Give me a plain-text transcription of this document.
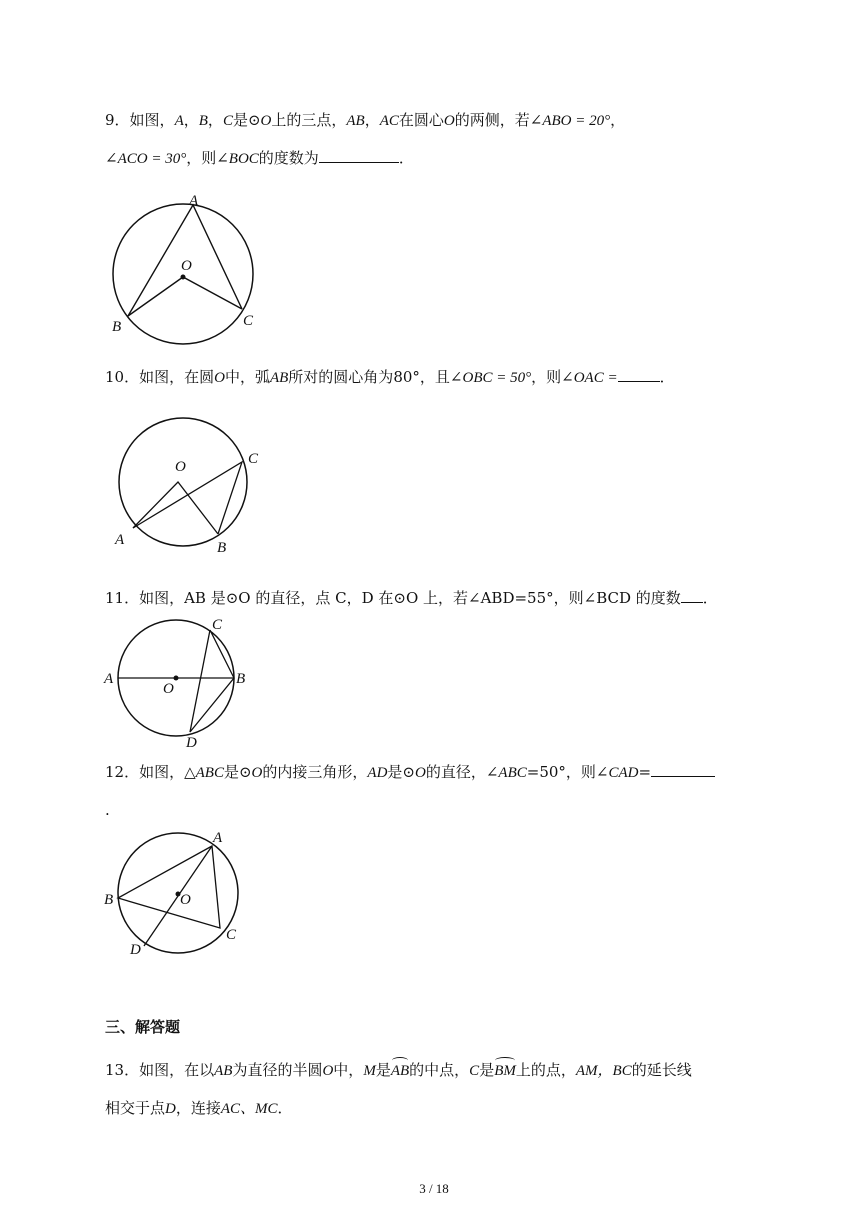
9．如图，A，B，C是⊙O上的三点，AB，AC在圆心O的两侧，若∠ABO = 20°，
∠ACO = 30°，则∠BOC的度数为	．
A
O
B	C
10．如图，在圆O中，弧AB所对的圆心角为80°，且∠OBC = 50°，则∠OAC =	．
O	C
A	B
11．如图，AB 是⊙O 的直径，点 C，D 在⊙O 上，若∠ABD=55°，则∠BCD 的度数 ．
C
A
O
B
D
12．如图，△ABC是⊙O的内接三角形，AD是⊙O的直径，∠ABC=50°，则∠CAD=
.
A
B	O
C
D
三、解答题
13．如图，在以AB为直径的半圆O中，M是AB的中点，C是BM上的点，AM，BC的延长线
相交于点D，连接AC、MC．
3 / 18
